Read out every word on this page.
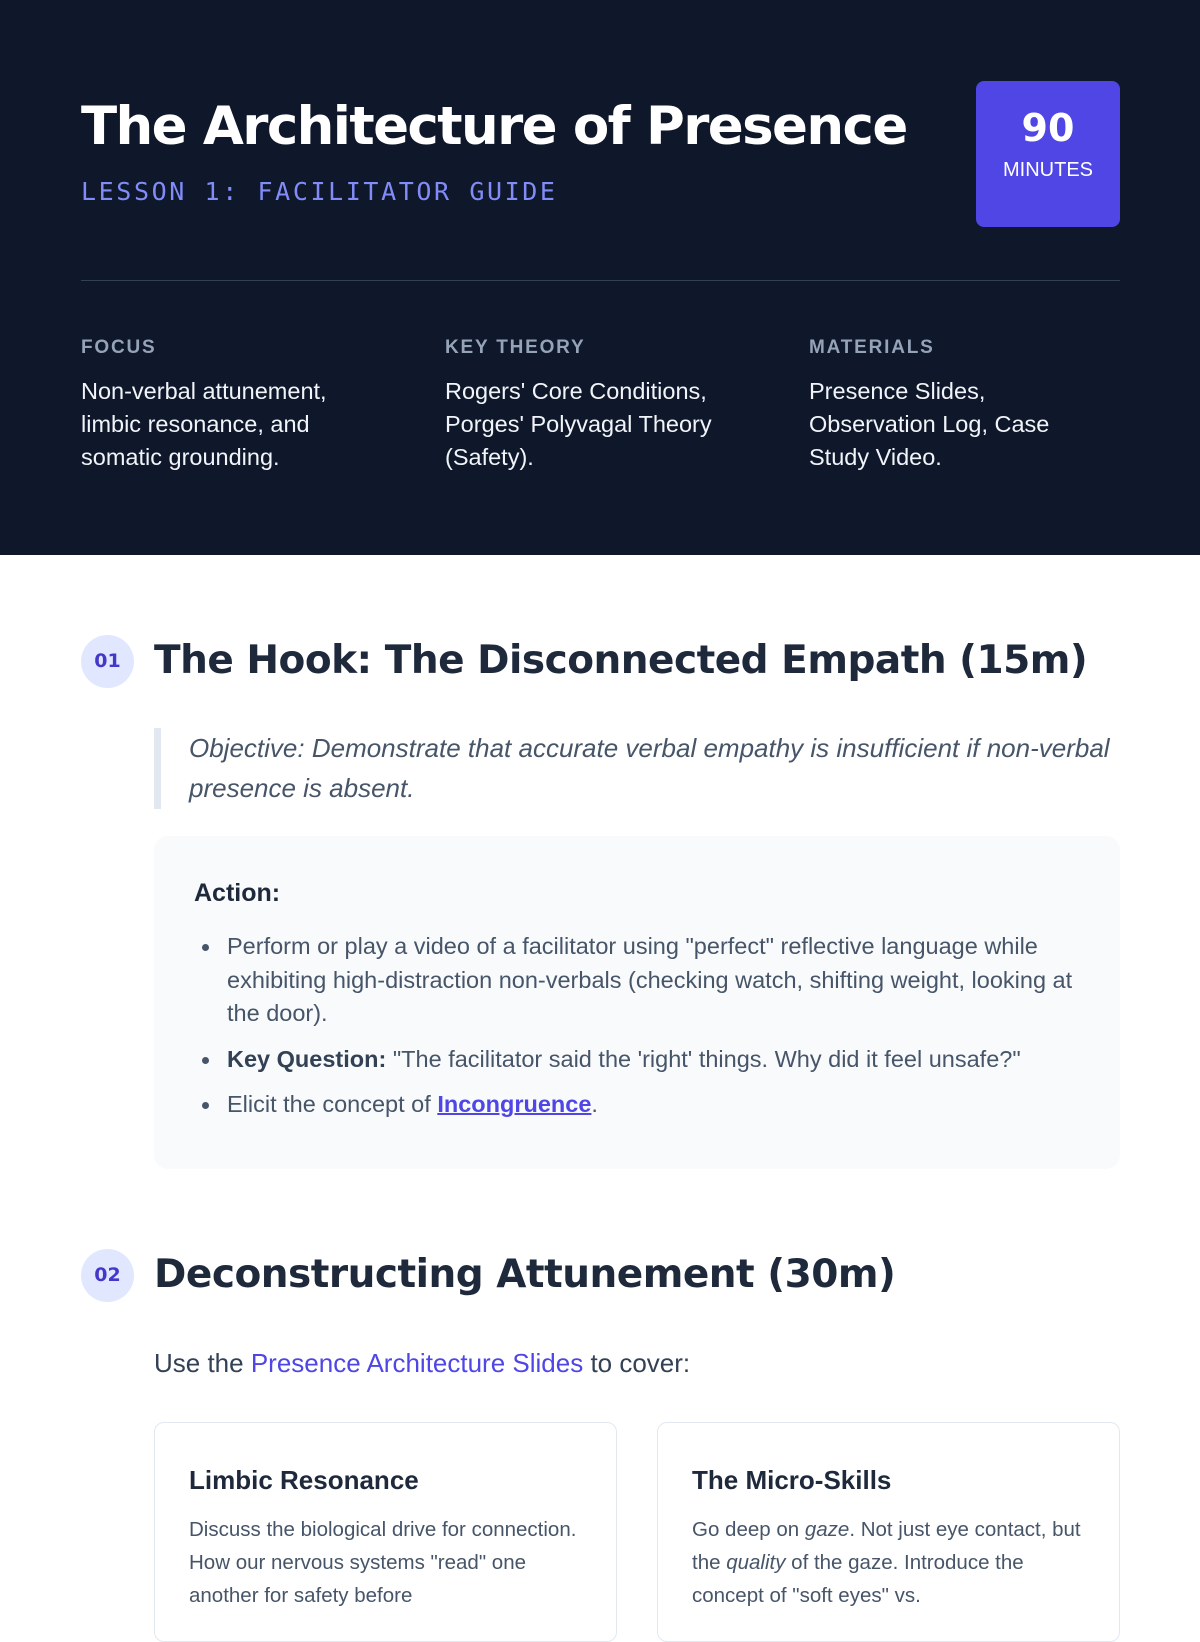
The Architecture of Presence
LESSON 1: FACILITATOR GUIDE
90
MINUTES
FOCUS
Non-verbal attunement, limbic resonance, and somatic grounding.
KEY THEORY
Rogers' Core Conditions, Porges' Polyvagal Theory (Safety).
MATERIALS
Presence Slides, Observation Log, Case Study Video.
01 The Hook: The Disconnected Empath (15m)

Objective: Demonstrate that accurate verbal empathy is insufficient if non-verbal presence is absent.

Action:
Perform or play a video of a facilitator using "perfect" reflective language while exhibiting high-distraction non-verbals (checking watch, shifting weight, looking at the door).
Key Question: "The facilitator said the 'right' things. Why did it feel unsafe?"
Elicit the concept of Incongruence.
02 Deconstructing Attunement (30m)

Use the Presence Architecture Slides to cover:

Limbic Resonance

Discuss the biological drive for connection. How our nervous systems "read" one another for safety before

The Micro-Skills

Go deep on gaze. Not just eye contact, but the quality of the gaze. Introduce the concept of "soft eyes" vs.
